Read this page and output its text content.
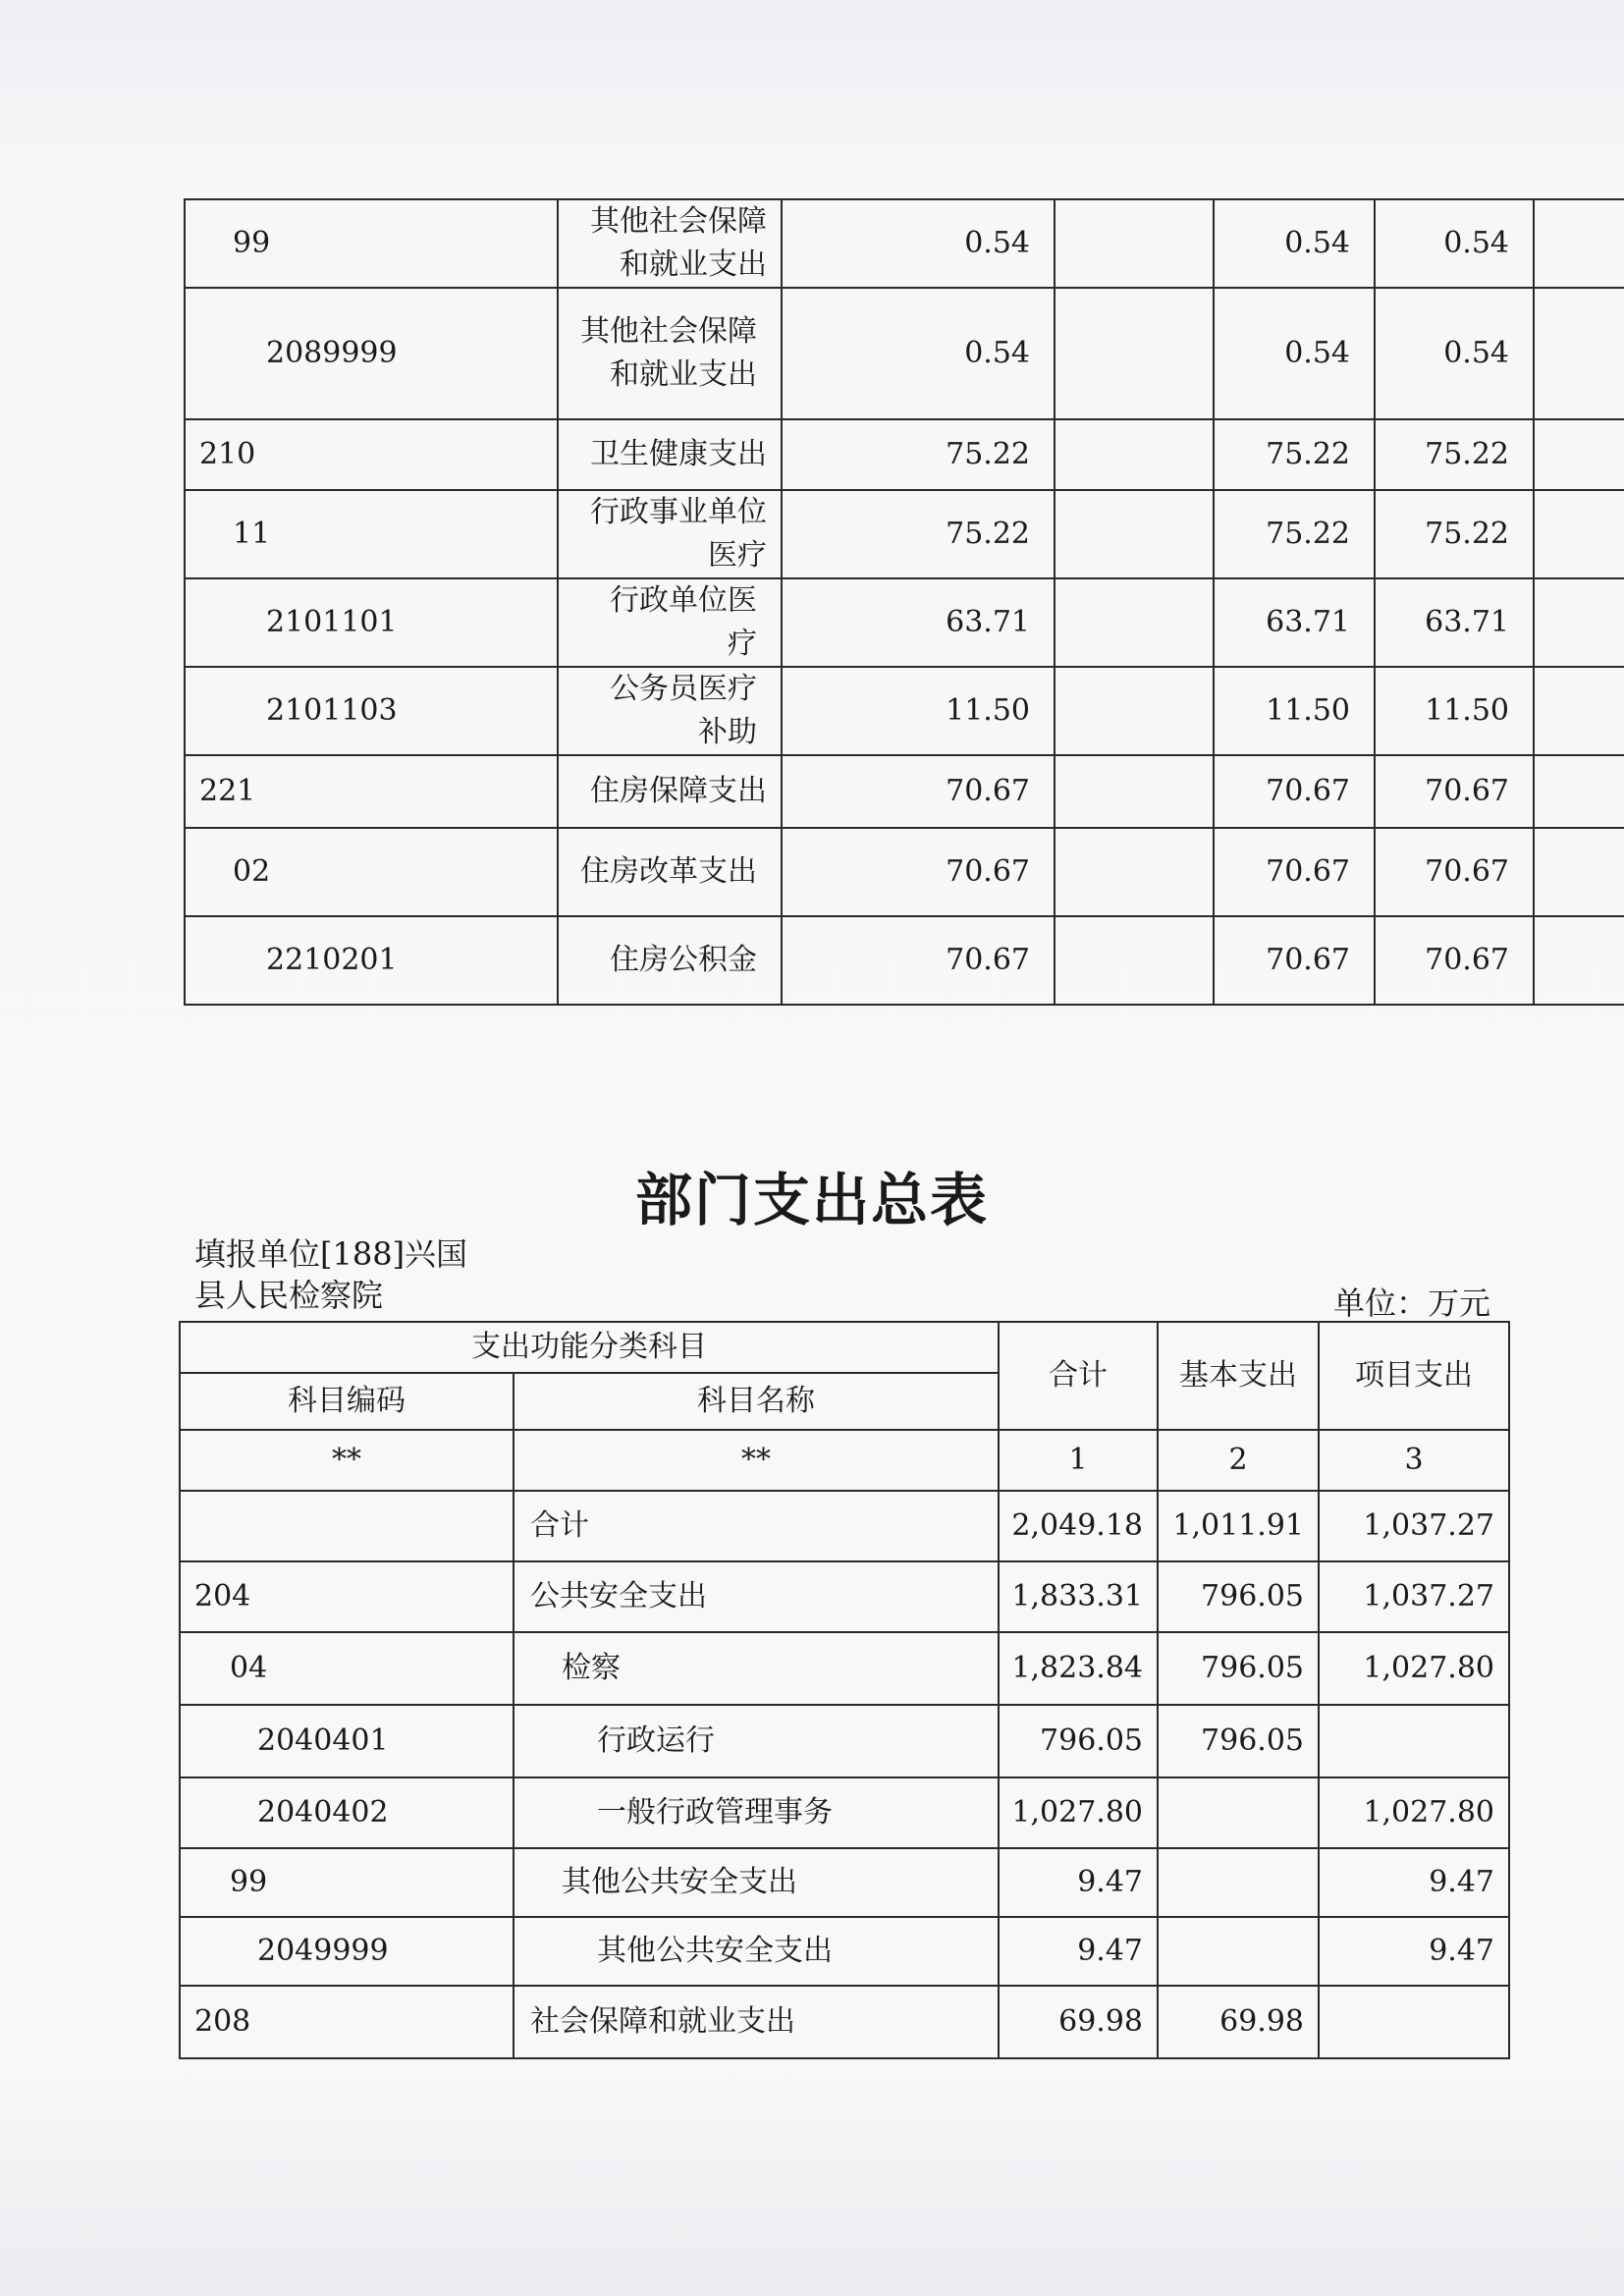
99	其他社会保障和就业支出	0.54		0.54	0.54	
2089999	其他社会保障和就业支出	0.54		0.54	0.54	
210	卫生健康支出	75.22		75.22	75.22	
11	行政事业单位医疗	75.22		75.22	75.22	
2101101	行政单位医疗	63.71		63.71	63.71	
2101103	公务员医疗补助	11.50		11.50	11.50	
221	住房保障支出	70.67		70.67	70.67	
02	住房改革支出	70.67		70.67	70.67	
2210201	住房公积金	70.67		70.67	70.67	
部门支出总表
填报单位[188]兴国
县人民检察院	单位：万元
支出功能分类科目		合计	基本支出	项目支出
科目编码	科目名称			
**	**	1	2	3
	合计	2,049.18	1,011.91	1,037.27
204	公共安全支出	1,833.31	796.05	1,037.27
04	检察	1,823.84	796.05	1,027.80
2040401	行政运行	796.05	796.05	
2040402	一般行政管理事务	1,027.80		1,027.80
99	其他公共安全支出	9.47		9.47
2049999	其他公共安全支出	9.47		9.47
208	社会保障和就业支出	69.98	69.98	
